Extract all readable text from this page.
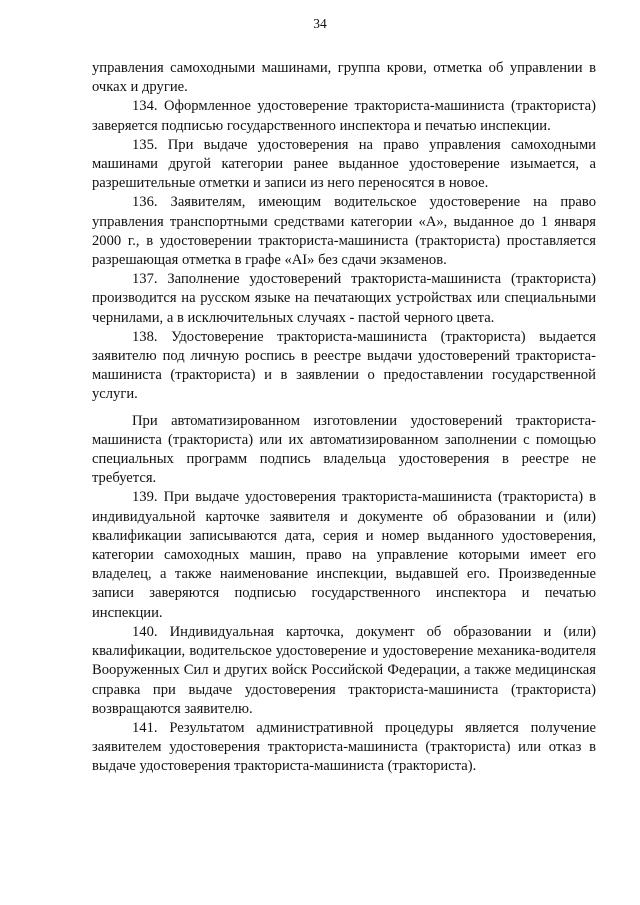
34

управления самоходными машинами, группа крови, отметка об управлении в очках и другие.

134. Оформленное удостоверение тракториста-машиниста (тракториста) заверяется подписью государственного инспектора и печатью инспекции.

135. При выдаче удостоверения на право управления самоходными машинами другой категории ранее выданное удостоверение изымается, а разрешительные отметки и записи из него переносятся в новое.

136. Заявителям, имеющим водительское удостоверение на право управления транспортными средствами категории «А», выданное до 1 января 2000 г., в удостоверении тракториста-машиниста (тракториста) проставляется разрешающая отметка в графе «AI» без сдачи экзаменов.

137. Заполнение удостоверений тракториста-машиниста (тракториста) производится на русском языке на печатающих устройствах или специальными чернилами, а в исключительных случаях - пастой черного цвета.

138. Удостоверение тракториста-машиниста (тракториста) выдается заявителю под личную роспись в реестре выдачи удостоверений тракториста-машиниста (тракториста) и в заявлении о предоставлении государственной услуги.

При автоматизированном изготовлении удостоверений тракториста-машиниста (тракториста) или их автоматизированном заполнении с помощью специальных программ подпись владельца удостоверения в реестре не требуется.

139. При выдаче удостоверения тракториста-машиниста (тракториста) в индивидуальной карточке заявителя и документе об образовании и (или) квалификации записываются дата, серия и номер выданного удостоверения, категории самоходных машин, право на управление которыми имеет его владелец, а также наименование инспекции, выдавшей его. Произведенные записи заверяются подписью государственного инспектора и печатью инспекции.

140. Индивидуальная карточка, документ об образовании и (или) квалификации, водительское удостоверение и удостоверение механика-водителя Вооруженных Сил и других войск Российской Федерации, а также медицинская справка при выдаче удостоверения тракториста-машиниста (тракториста) возвращаются заявителю.

141. Результатом административной процедуры является получение заявителем удостоверения тракториста-машиниста (тракториста) или отказ в выдаче удостоверения тракториста-машиниста (тракториста).
